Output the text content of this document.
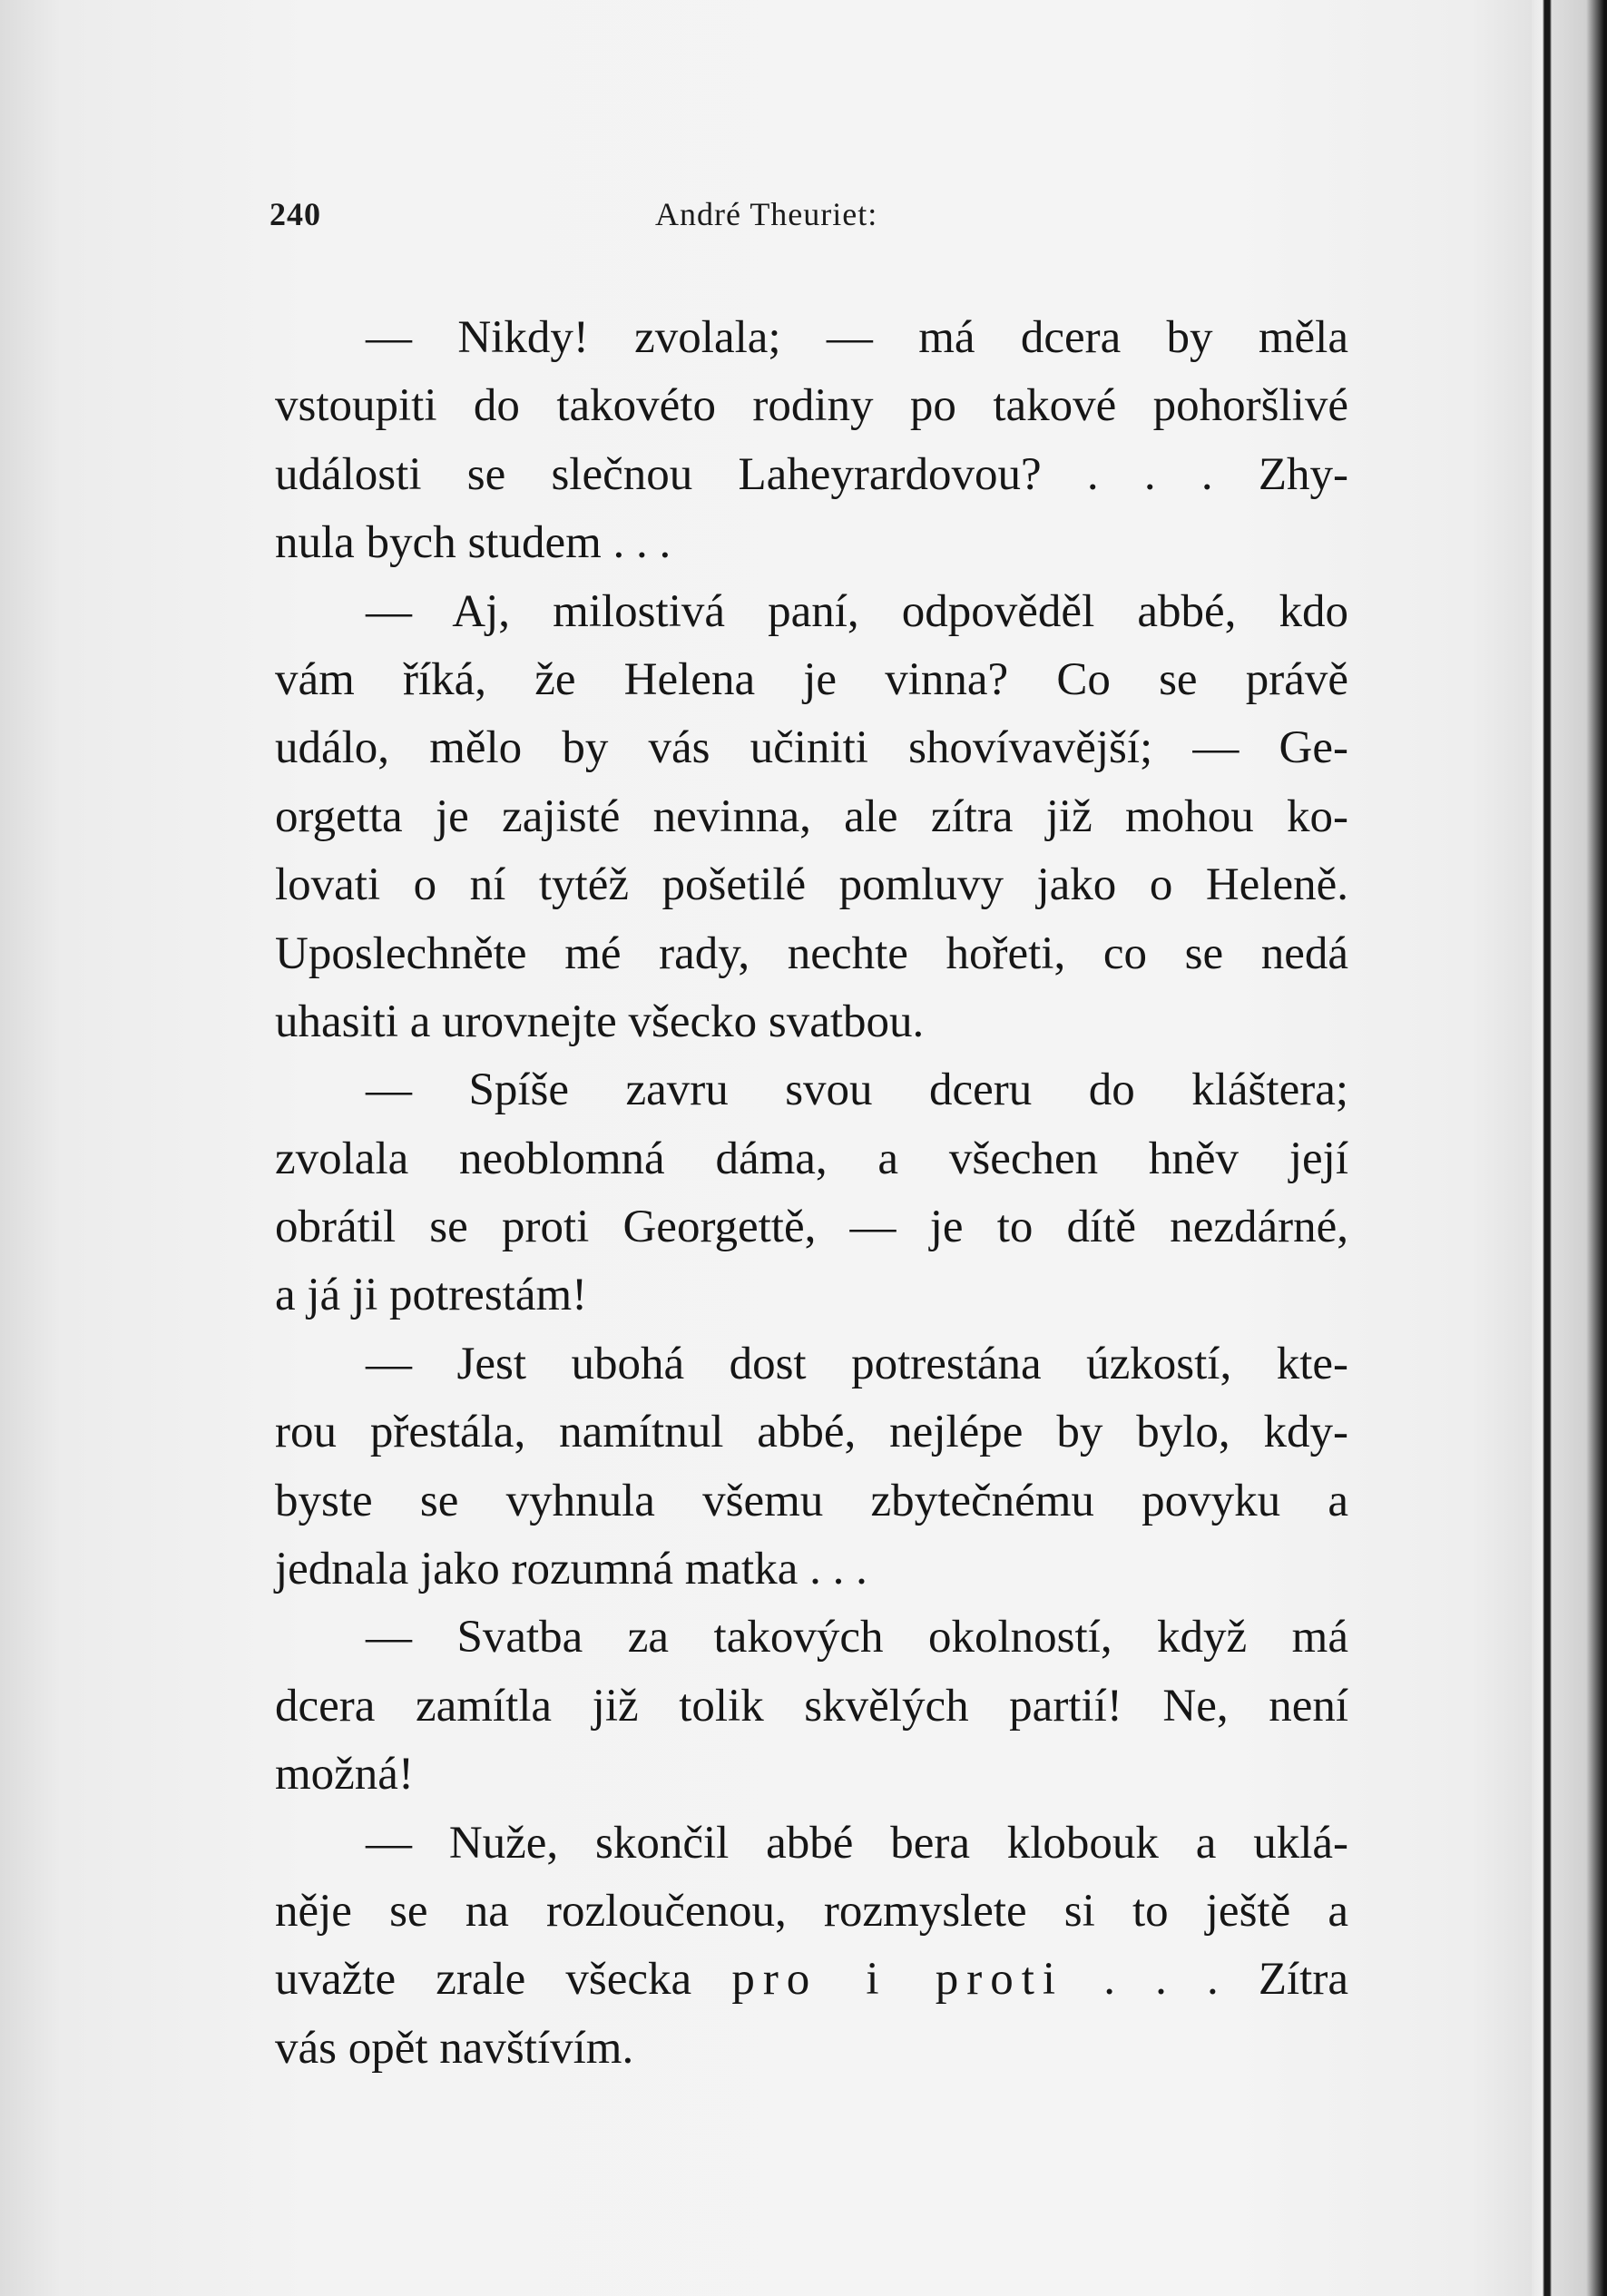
240	André Theuriet:
— Nikdy! zvolala; — má dcera by měla
vstoupiti do takovéto rodiny po takové pohoršlivé
události se slečnou Laheyrardovou? . . . Zhy-
nula bych studem . . .
— Aj, milostivá paní, odpověděl abbé, kdo
vám říká, že Helena je vinna? Co se právě
událo, mělo by vás učiniti shovívavější; — Ge-
orgetta je zajisté nevinna, ale zítra již mohou ko-
lovati o ní tytéž pošetilé pomluvy jako o Heleně.
Uposlechněte mé rady, nechte hořeti, co se nedá
uhasiti a urovnejte všecko svatbou.
— Spíše zavru svou dceru do kláštera;
zvolala neoblomná dáma, a všechen hněv její
obrátil se proti Georgettě, — je to dítě nezdárné,
a já ji potrestám!
— Jest ubohá dost potrestána úzkostí, kte-
rou přestála, namítnul abbé, nejlépe by bylo, kdy-
byste se vyhnula všemu zbytečnému povyku a
jednala jako rozumná matka . . .
— Svatba za takových okolností, když má
dcera zamítla již tolik skvělých partií! Ne, není
možná!
— Nuže, skončil abbé bera klobouk a uklá-
něje se na rozloučenou, rozmyslete si to ještě a
uvažte zrale všecka pro i proti . . . Zítra
vás opět navštívím.
